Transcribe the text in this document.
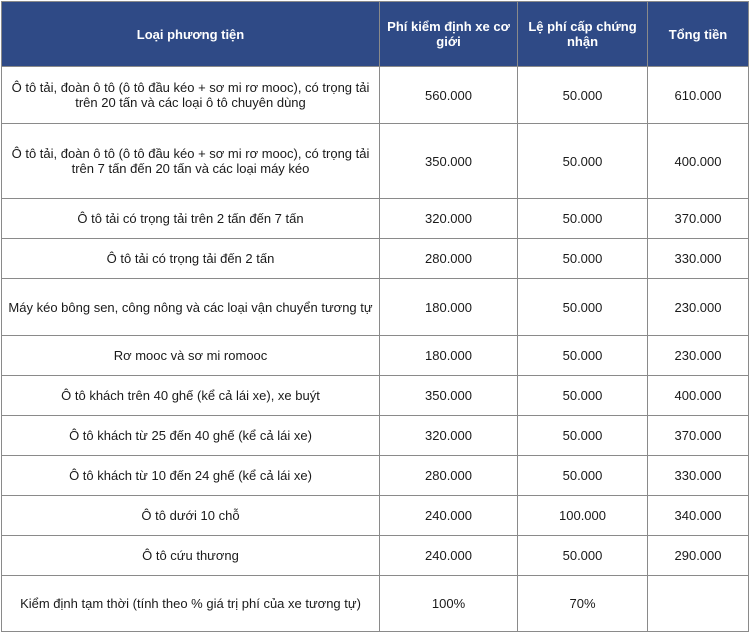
Loại phương tiện	Phí kiểm định xe cơ giới	Lệ phí cấp chứng nhận	Tổng tiền
Ô tô tải, đoàn ô tô (ô tô đầu kéo + sơ mi rơ mooc), có trọng tải trên 20 tấn và các loại ô tô chuyên dùng	560.000	50.000	610.000
Ô tô tải, đoàn ô tô (ô tô đầu kéo + sơ mi rơ mooc), có trọng tải trên 7 tấn đến 20 tấn và các loại máy kéo	350.000	50.000	400.000
Ô tô tải có trọng tải trên 2 tấn đến 7 tấn	320.000	50.000	370.000
Ô tô tải có trọng tải đến 2 tấn	280.000	50.000	330.000
Máy kéo bông sen, công nông và các loại vận chuyển tương tự	180.000	50.000	230.000
Rơ mooc và sơ mi romooc	180.000	50.000	230.000
Ô tô khách trên 40 ghế (kể cả lái xe), xe buýt	350.000	50.000	400.000
Ô tô khách từ 25 đến 40 ghế (kể cả lái xe)	320.000	50.000	370.000
Ô tô khách từ 10 đến 24 ghế (kể cả lái xe)	280.000	50.000	330.000
Ô tô dưới 10 chỗ	240.000	100.000	340.000
Ô tô cứu thương	240.000	50.000	290.000
Kiểm định tạm thời (tính theo % giá trị phí của xe tương tự)	100%	70%	
